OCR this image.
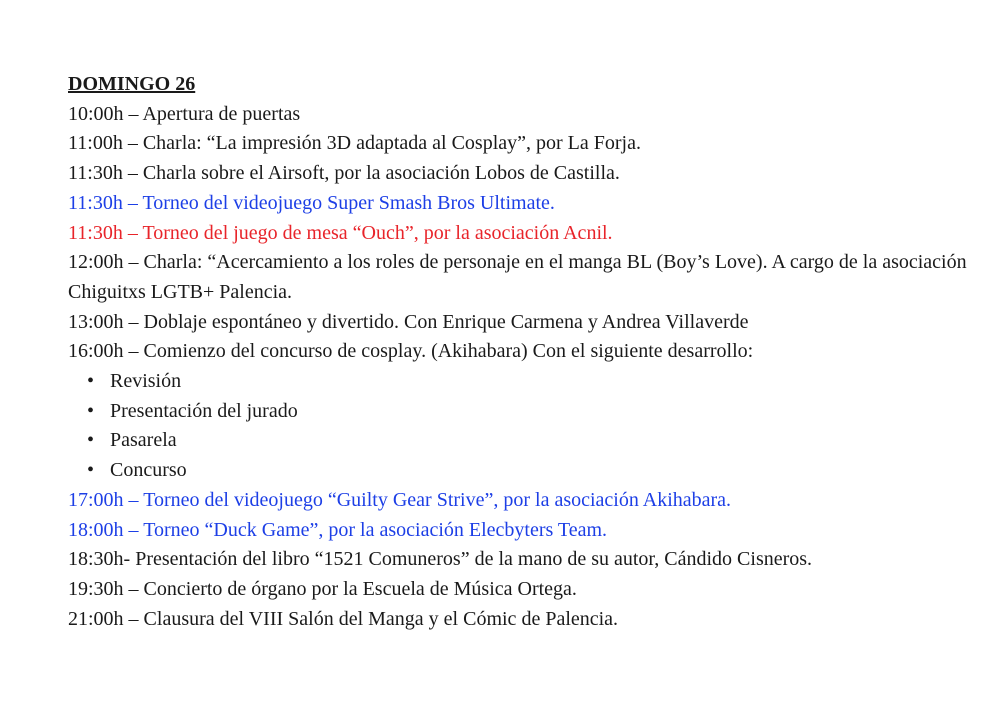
DOMINGO 26
10:00h – Apertura de puertas
11:00h – Charla: “La impresión 3D adaptada al Cosplay”, por La Forja.
11:30h – Charla sobre el Airsoft, por la asociación Lobos de Castilla.
11:30h – Torneo del videojuego Super Smash Bros Ultimate.
11:30h – Torneo del juego de mesa “Ouch”, por la asociación Acnil.
12:00h – Charla: “Acercamiento a los roles de personaje en el manga BL (Boy’s Love). A cargo de la asociación Chiguitxs LGTB+ Palencia.
13:00h – Doblaje espontáneo y divertido. Con Enrique Carmena y Andrea Villaverde
16:00h – Comienzo del concurso de cosplay. (Akihabara) Con el siguiente desarrollo:
• Revisión
• Presentación del jurado
• Pasarela
• Concurso
17:00h – Torneo del videojuego “Guilty Gear Strive”, por la asociación Akihabara.
18:00h – Torneo “Duck Game”, por la asociación Elecbyters Team.
18:30h- Presentación del libro “1521 Comuneros” de la mano de su autor, Cándido Cisneros.
19:30h – Concierto de órgano por la Escuela de Música Ortega.
21:00h – Clausura del VIII Salón del Manga y el Cómic de Palencia.
